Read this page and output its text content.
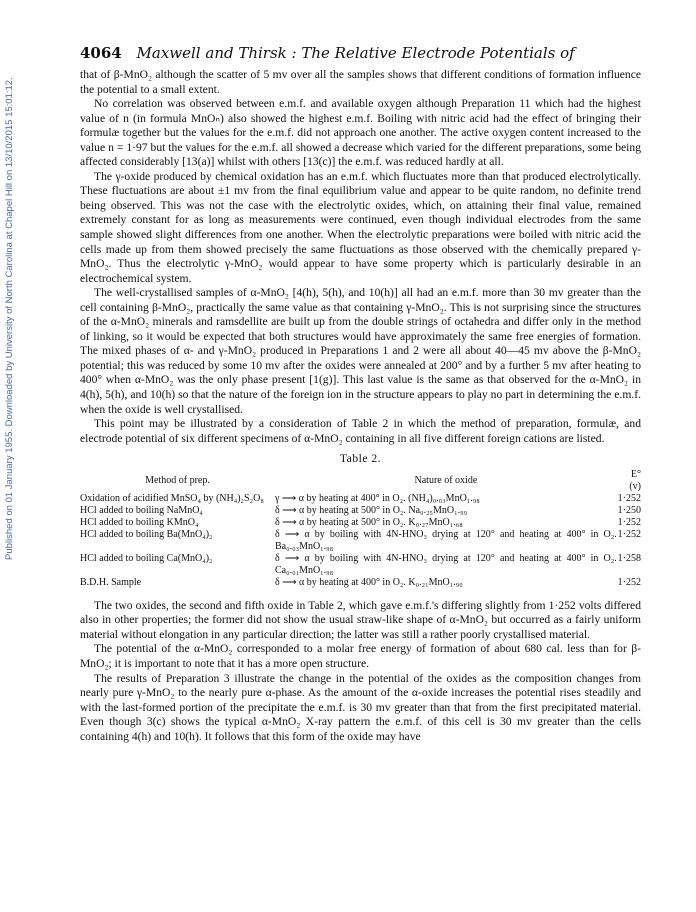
Published on 01 January 1955. Downloaded by University of North Carolina at Chapel Hill on 13/10/2015 15:01:12.
4064 Maxwell and Thirsk : The Relative Electrode Potentials of

that of β-MnO₂ although the scatter of 5 mv over all the samples shows that different conditions of formation influence the potential to a small extent.

No correlation was observed between e.m.f. and available oxygen although Preparation 11 which had the highest value of n (in formula MnOₙ) also showed the highest e.m.f. Boiling with nitric acid had the effect of bringing their formulæ together but the values for the e.m.f. did not approach one another. The active oxygen content increased to the value n = 1·97 but the values for the e.m.f. all showed a decrease which varied for the different preparations, some being affected considerably [13(a)] whilst with others [13(c)] the e.m.f. was reduced hardly at all.

The γ-oxide produced by chemical oxidation has an e.m.f. which fluctuates more than that produced electrolytically. These fluctuations are about ±1 mv from the final equilibrium value and appear to be quite random, no definite trend being observed. This was not the case with the electrolytic oxides, which, on attaining their final value, remained extremely constant for as long as measurements were continued, even though individual electrodes from the same sample showed slight differences from one another. When the electrolytic preparations were boiled with nitric acid the cells made up from them showed precisely the same fluctuations as those observed with the chemically prepared γ-MnO₂. Thus the electrolytic γ-MnO₂ would appear to have some property which is particularly desirable in an electrochemical system.

The well-crystallised samples of α-MnO₂ [4(h), 5(h), and 10(h)] all had an e.m.f. more than 30 mv greater than the cell containing β-MnO₂, practically the same value as that containing γ-MnO₂. This is not surprising since the structures of the α-MnO₂ minerals and ramsdellite are built up from the double strings of octahedra and differ only in the method of linking, so it would be expected that both structures would have approximately the same free energies of formation. The mixed phases of α- and γ-MnO₂ produced in Preparations 1 and 2 were all about 40—45 mv above the β-MnO₂ potential; this was reduced by some 10 mv after the oxides were annealed at 200° and by a further 5 mv after heating to 400° when α-MnO₂ was the only phase present [1(g)]. This last value is the same as that observed for the α-MnO₂ in 4(h), 5(h), and 10(h) so that the nature of the foreign ion in the structure appears to play no part in determining the e.m.f. when the oxide is well crystallised.

This point may be illustrated by a consideration of Table 2 in which the method of preparation, formulæ, and electrode potential of six different specimens of α-MnO₂ containing in all five different foreign cations are listed.

Table 2.
Method of prep.	Nature of oxide	E° (v)
Oxidation of acidified MnSO₄ by (NH₄)₂S₂O₈	γ ⟶ α by heating at 400° in O₂. (NH₄)₀.₀₃MnO₁.₉₈	1·252
HCl added to boiling NaMnO₄	δ ⟶ α by heating at 500° in O₂. Na₀.₂₅MnO₁.₉₉	1·250
HCl added to boiling KMnO₄	δ ⟶ α by heating at 500° in O₂. K₀.₂₇MnO₁.₆₈	1·252
HCl added to boiling Ba(MnO₄)₂	δ ⟶ α by boiling with 4N-HNO₃ drying at 120° and heating at 400° in O₂. Ba₀.₀₃MnO₁.₉₈	1·252
HCl added to boiling Ca(MnO₄)₂	δ ⟶ α by boiling with 4N-HNO₃ drying at 120° and heating at 400° in O₂. Ca₀.₀₁MnO₁.₉₈	1·258
B.D.H. Sample	δ ⟶ α by heating at 400° in O₂. K₀.₂₁MnO₁.₉₀	1·252

The two oxides, the second and fifth oxide in Table 2, which gave e.m.f.'s differing slightly from 1·252 volts differed also in other properties; the former did not show the usual straw-like shape of α-MnO₂ but occurred as a fairly uniform material without elongation in any particular direction; the latter was still a rather poorly crystallised material.

The potential of the α-MnO₂ corresponded to a molar free energy of formation of about 680 cal. less than for β-MnO₂; it is important to note that it has a more open structure.

The results of Preparation 3 illustrate the change in the potential of the oxides as the composition changes from nearly pure γ-MnO₂ to the nearly pure α-phase. As the amount of the α-oxide increases the potential rises steadily and with the last-formed portion of the precipitate the e.m.f. is 30 mv greater than that from the first precipitated material. Even though 3(c) shows the typical α-MnO₂ X-ray pattern the e.m.f. of this cell is 30 mv greater than the cells containing 4(h) and 10(h). It follows that this form of the oxide may have
